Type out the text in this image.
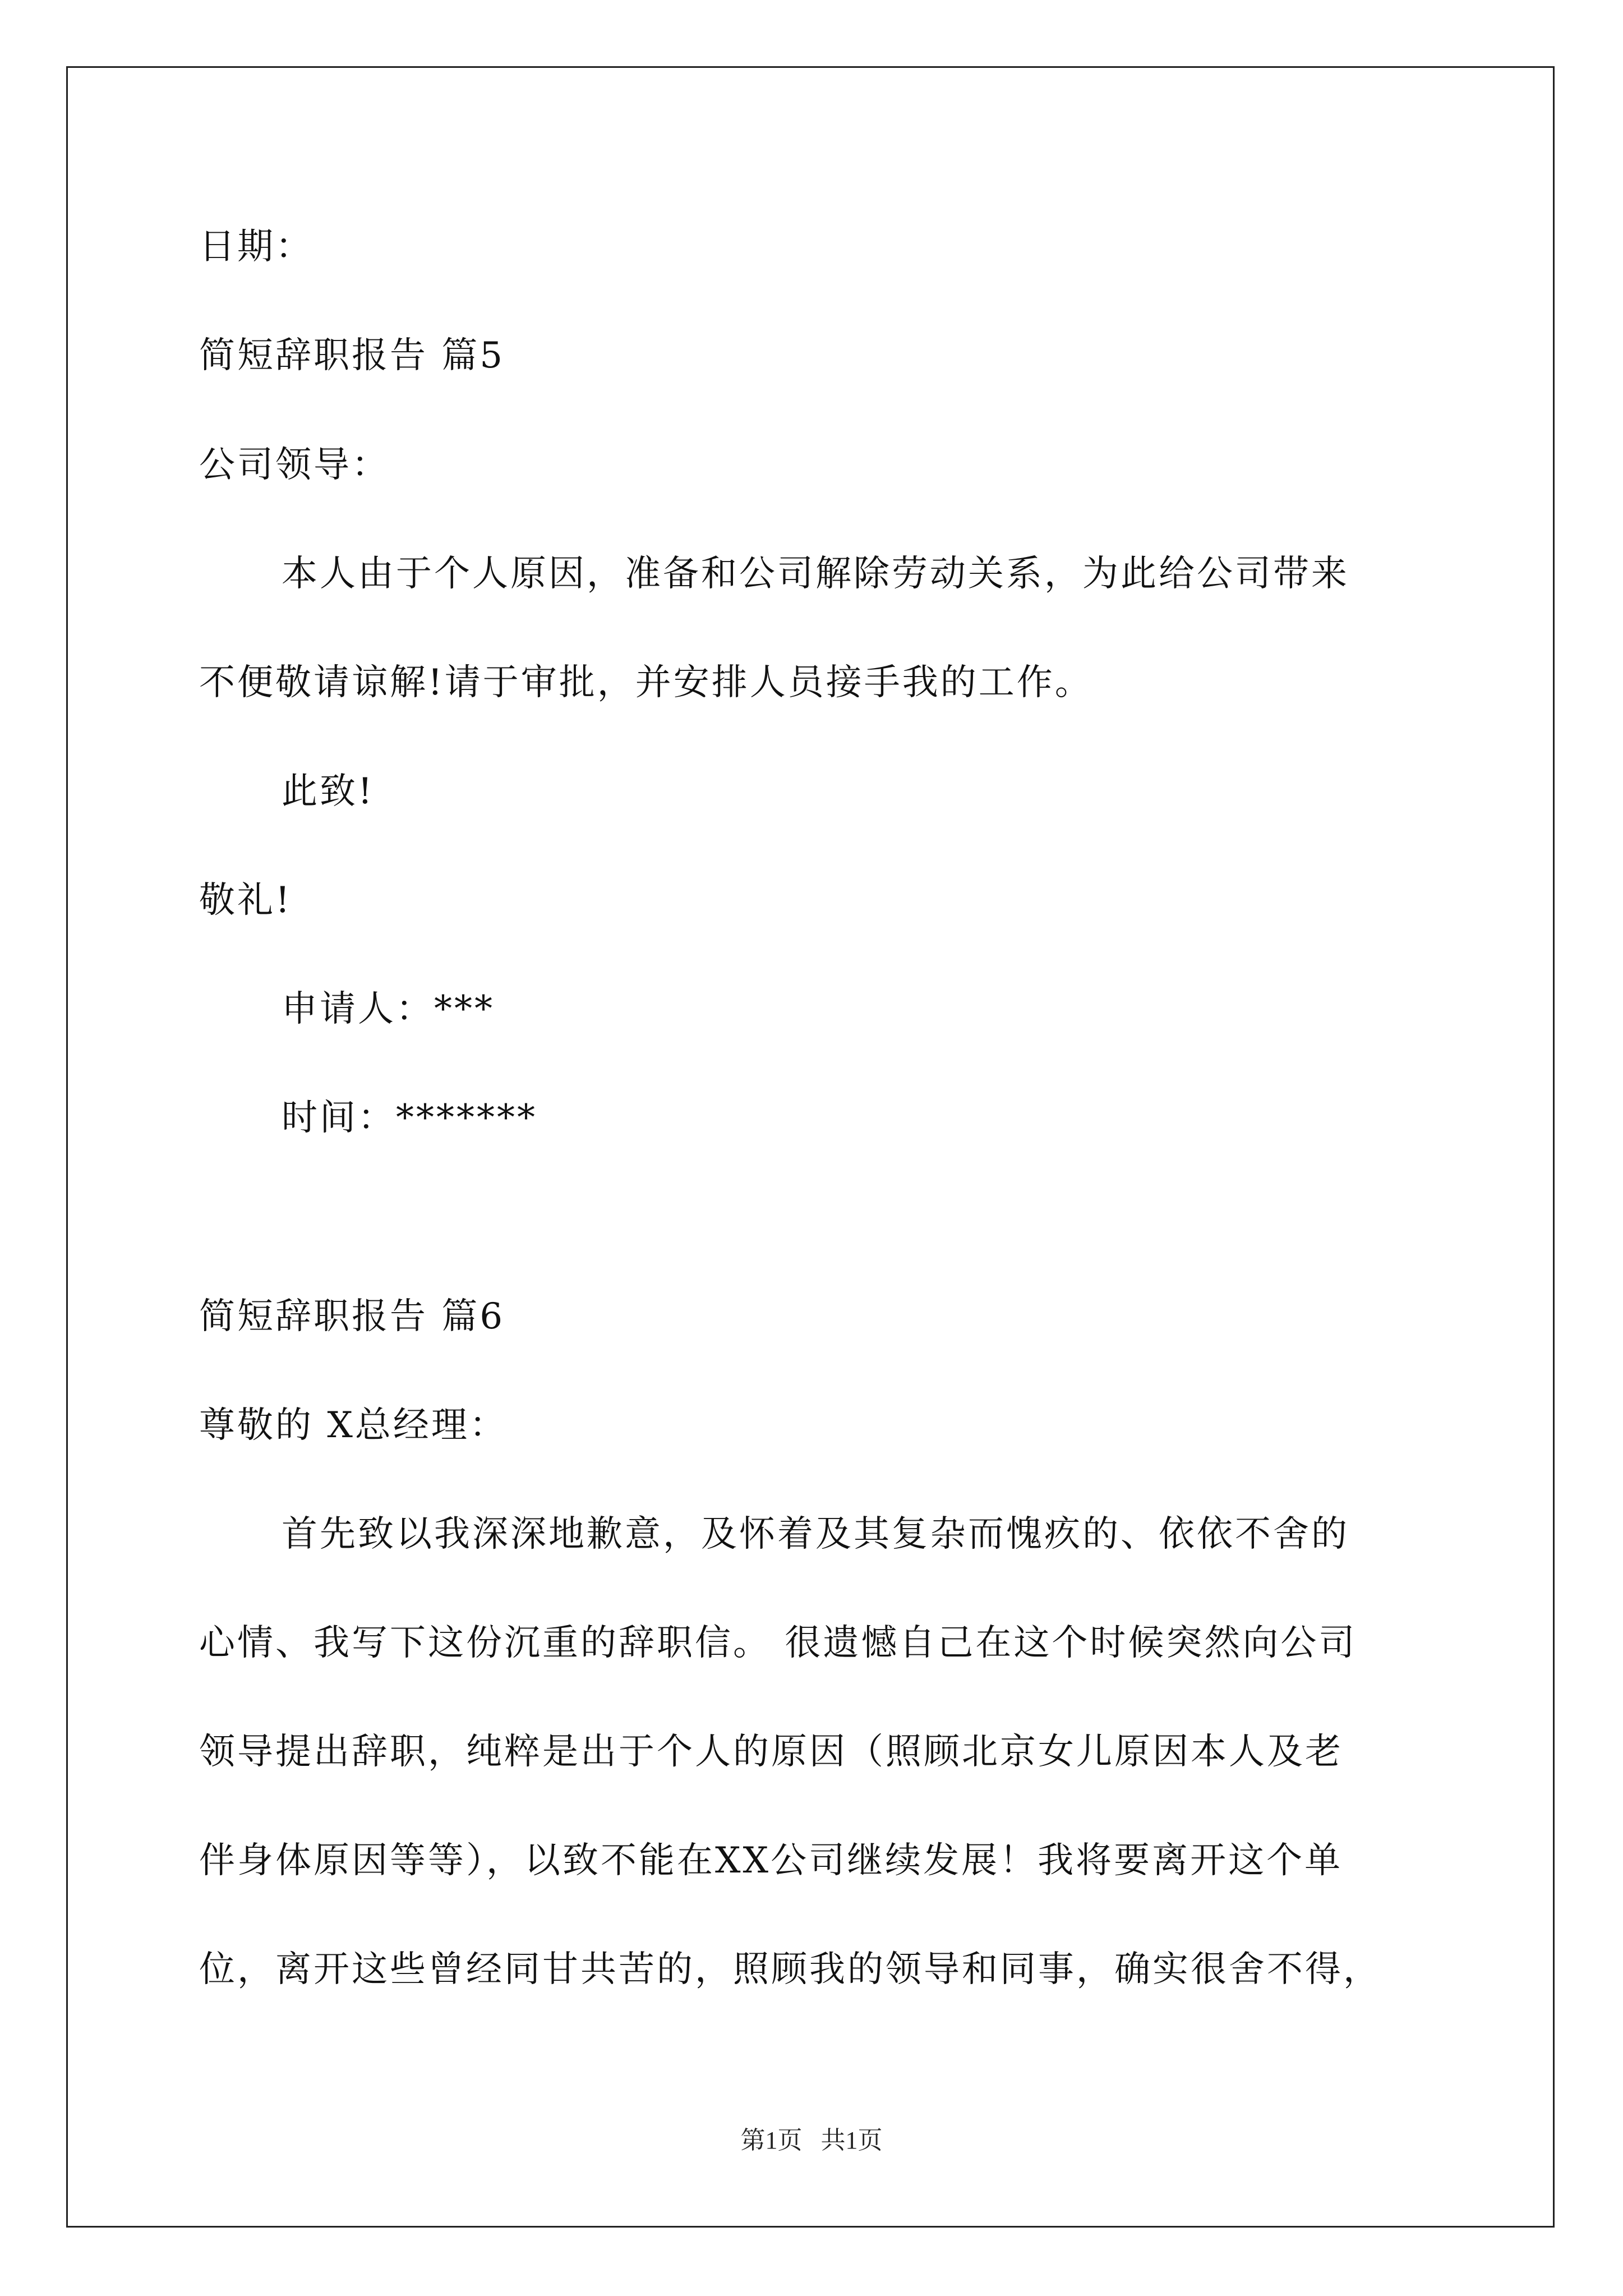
日期：
简短辞职报告 篇5
公司领导：
本人由于个人原因，准备和公司解除劳动关系，为此给公司带来
不便敬请谅解!请于审批，并安排人员接手我的工作。
此致!
敬礼!
申请人：***
时间：*******
简短辞职报告 篇6
尊敬的 X总经理：
首先致以我深深地歉意，及怀着及其复杂而愧疚的、依依不舍的
心情、我写下这份沉重的辞职信。 很遗憾自己在这个时候突然向公司
领导提出辞职，纯粹是出于个人的原因（照顾北京女儿原因本人及老
伴身体原因等等），以致不能在XX公司继续发展！我将要离开这个单
位，离开这些曾经同甘共苦的，照顾我的领导和同事，确实很舍不得，
第1页   共1页
